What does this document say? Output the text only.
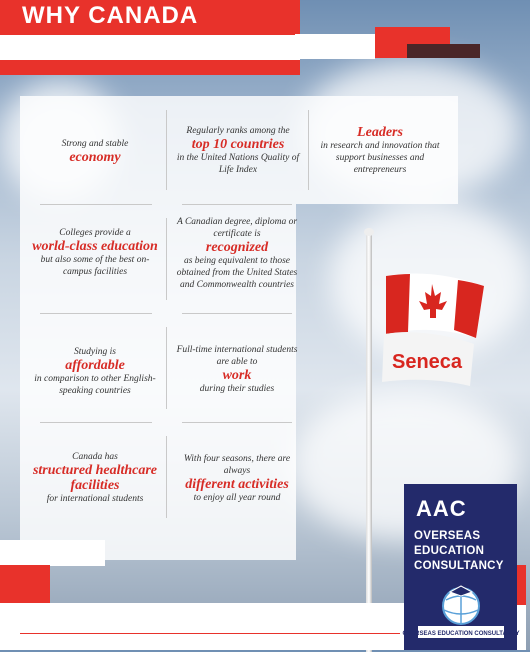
WHY CANADA
Seneca
Strong and stable
economy
Regularly ranks among the
top 10 countries
in the United Nations Quality of Life Index
Leaders
in research and innovation that support businesses and entrepreneurs
Colleges provide a
world-class education
but also some of the best on-campus facilities
A Canadian degree, diploma or certificate is
recognized
as being equivalent to those obtained from the United States and Commonwealth countries
Studying is
affordable
in comparison to other English-speaking countries
Full-time international students are able to
work
during their studies
Canada has
structured healthcare facilities
for international students
With four seasons, there are always
different activities
to enjoy all year round	AAC
OVERSEAS
EDUCATION
CONSULTANCY
OVERSEAS EDUCATION CONSULTANCY
